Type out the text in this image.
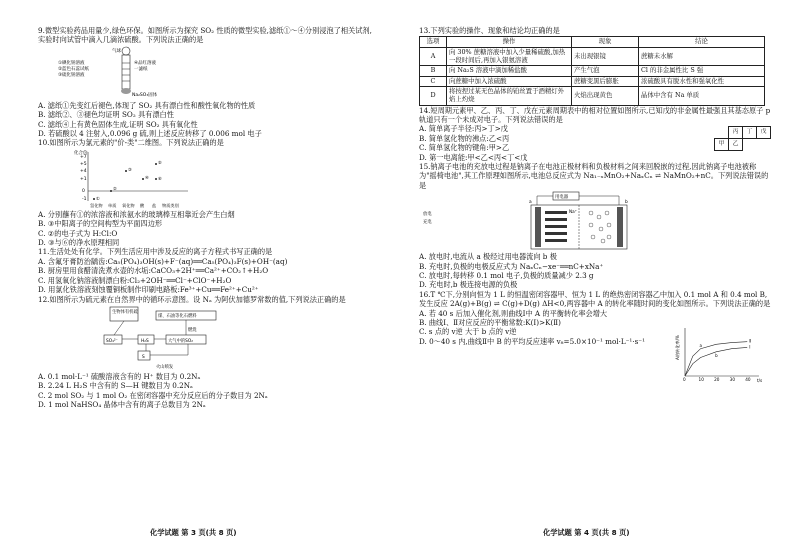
9.微型实验药品用量少,绿色环保。如图所示为探究 SO₂ 性质的微型实验,滤纸①～④分别浸泡了相关试剂,实验时向试管中滴入几滴浓硫酸。下列说法正确的是

气球
①碘化钠溶液
②蓝色石蕊试纸
③硫化钠溶液
④品红溶液
一滤纸
Na₂SO₃固体

A. 滤纸①先变红后褪色,体现了 SO₂ 具有漂白性和酸性氧化物的性质

B. 滤纸②、③褪色均证明 SO₂ 具有漂白性

C. 滤纸④上有黄色固体生成,证明 SO₂ 具有氧化性

D. 若硫酸以 4 注射入,0.096 g 硫,则上述反应转移了 0.006 mol 电子

10.如图所示为氯元素的"价-类"二维图。下列说法正确的是

化合价
+7
+5
+4
+1
0
-1
氢化物 单质 氧化物 酸 盐 物质类别
①
②
③
④
⑤
⑥

A. 分别蘸有①的浓溶液和浓氨水的玻璃棒互相靠近会产生白烟

B. ③中阳离子的空间构型为平面四边形

C. ②的电子式为 H:Cl:O

D. ③与⑥的净水原理相同

11.生活处处有化学。下列生活应用中涉及反应的离子方程式书写正确的是

A. 含氟牙膏防治龋齿:Ca₅(PO₄)₃OH(s)+F⁻(aq)══Ca₅(PO₄)₃F(s)+OH⁻(aq)

B. 厨房里用食醋清洗煮水壶的水垢:CaCO₃+2H⁺══Ca²⁺+CO₂↑+H₂O

C. 用氢氧化钠溶液制漂白粉:Cl₂+2OH⁻══Cl⁻+ClO⁻+H₂O

D. 用氯化铁溶液刻蚀覆铜板制作印刷电路板:Fe³⁺+Cu══Fe²⁺+Cu²⁺

12.如图所示为硫元素在自然界中的循环示意图。设 Nₐ 为阿伏加德罗常数的值,下列说法正确的是

生物体有机硫
煤、石油等化石燃料
燃烧
SO₄²⁻	H₂S	大气中的SO₂
S
火山喷发

A. 0.1 mol·L⁻¹ 硫酸溶液含有的 H⁺ 数目为 0.2Nₐ

B. 2.24 L H₂S 中含有的 S—H 键数目为 0.2Nₐ

C. 2 mol SO₂ 与 1 mol O₂ 在密闭容器中充分反应后的分子数目为 2Nₐ

D. 1 mol NaHSO₄ 晶体中含有的离子总数目为 2Nₐ

化学试题 第 3 页(共 8 页)

13.下列实验的操作、现象和结论均正确的是

选项	操作	现象	结论
A	向 30% 蔗糖溶液中加入少量稀硫酸,加热一段时间后,再加入银氨溶液	未出现银镜	蔗糖未水解
B	向 Na₂S 溶液中滴加稀盐酸	产生气泡	Cl 的非金属性比 S 强
C	向蔗糖中加入浓硫酸	蔗糖变黑后膨胀	浓硫酸具有脱水性和强氧化性
D	将按捏过某无色晶体的铂丝置于酒精灯外焰上灼烧	火焰出现黄色	晶体中含有 Na 单质

14.短周期元素甲、乙、丙、丁、戊在元素周期表中的相对位置如图所示,已知戊的非金属性最强且其基态原子 p 轨道只有一个未成对电子。下列说法错误的是

	丙	丁	戊
甲	乙		

A. 简单离子半径:丙>丁>戊

B. 简单氢化物的沸点:乙<丙

C. 简单氢化物的键角:甲>乙

D. 第一电离能:甲<乙<丙<丁<戊

15.钠离子电池的充放电过程是钠离子在电池正极材料和负极材料之间来回脱嵌的过程,因此钠离子电池被称为"摇椅电池",其工作原理如图所示,电池总反应式为 Na₁₋ₓMnO₂+NaₓCₙ ⇌ NaMnO₂+nC。下列说法错误的是

用电器
a	b
Na⁺
放电
充电

A. 放电时,电流从 a 极经过用电器流向 b 极

B. 充电时,负极的电极反应式为 NaₓCₙ−xe⁻══nC+xNa⁺

C. 放电时,每转移 0.1 mol 电子,负极的质量减少 2.3 g

D. 充电时,b 极连接电源的负极

16.T ℃下,分别向恒为 1 L 的恒温密闭容器甲、恒为 1 L 的绝热密闭容器乙中加入 0.1 mol A 和 0.4 mol B,发生反应 2A(g)+B(g) ⇌ C(g)+D(g) ΔH<0,两容器中 A 的转化率随时间的变化如图所示。下列说法正确的是

A. 若 40 s 后加入催化剂,则曲线Ⅰ中 A 的平衡转化率会增大

B. 曲线Ⅰ、Ⅱ对应反应的平衡常数:K(Ⅰ)>K(Ⅱ)

C. s 点的 v逆 大于 b 点的 v逆

D. 0～40 s 内,曲线Ⅱ中 B 的平均反应速率 v₈=5.0×10⁻¹ mol·L⁻¹·s⁻¹

0	10 20 30 40
Ⅱ
Ⅰ
a
b
A的转化率/%
t/s
化学试题 第 4 页(共 8 页)
